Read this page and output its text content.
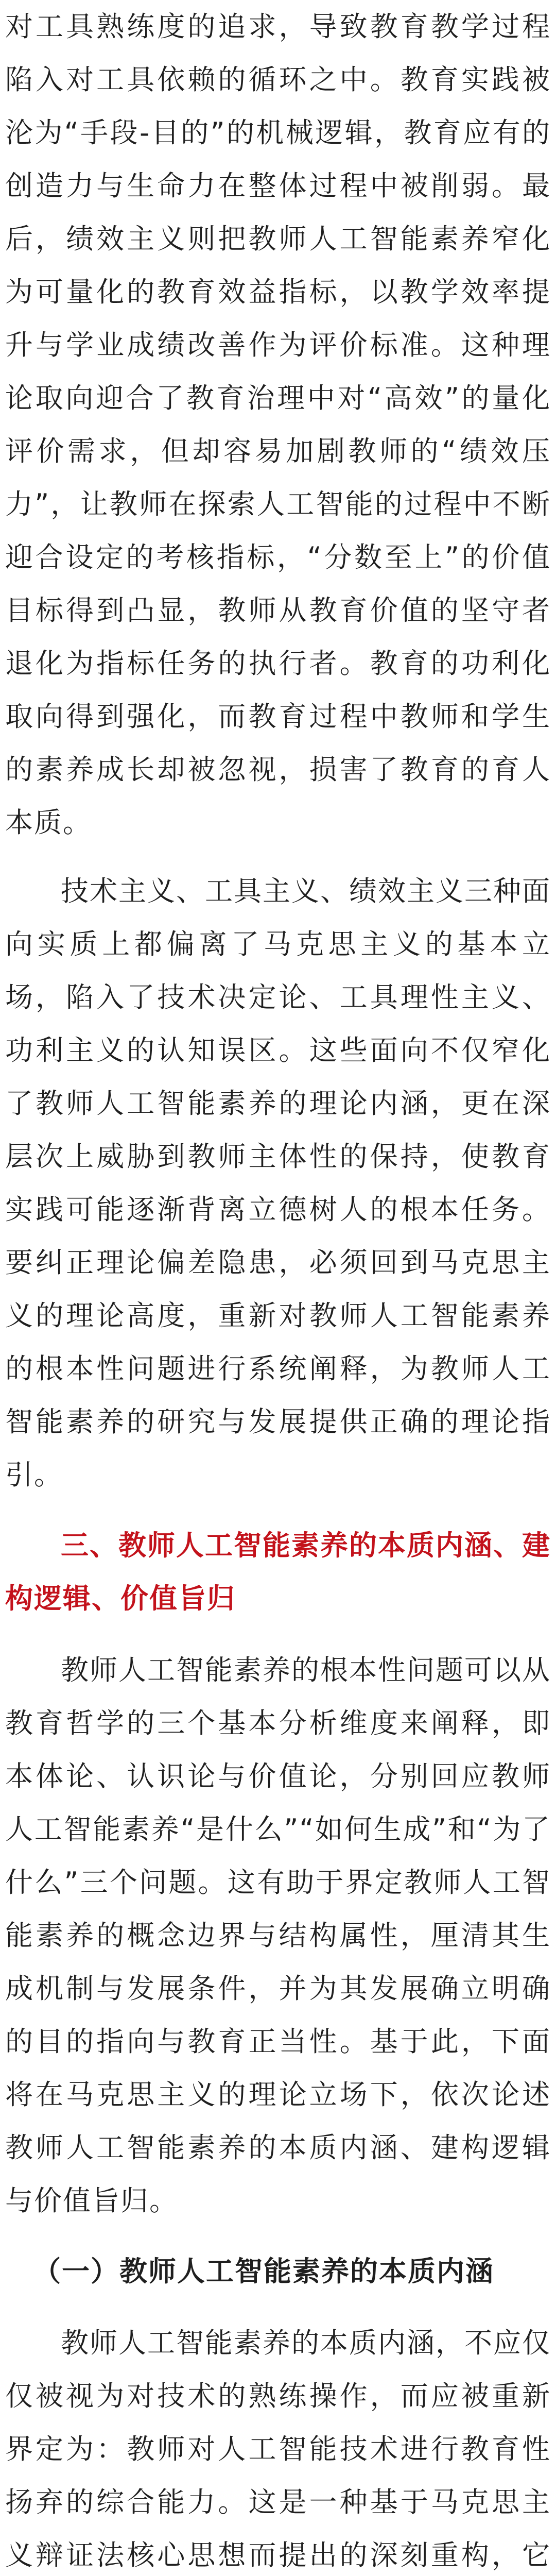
对工具熟练度的追求，导致教育教学过程陷入对工具依赖的循环之中。教育实践被沦为“手段-目的”的机械逻辑，教育应有的创造力与生命力在整体过程中被削弱。最后，绩效主义则把教师人工智能素养窄化为可量化的教育效益指标，以教学效率提升与学业成绩改善作为评价标准。这种理论取向迎合了教育治理中对“高效”的量化评价需求，但却容易加剧教师的“绩效压力”，让教师在探索人工智能的过程中不断迎合设定的考核指标，“分数至上”的价值目标得到凸显，教师从教育价值的坚守者退化为指标任务的执行者。教育的功利化取向得到强化，而教育过程中教师和学生的素养成长却被忽视，损害了教育的育人本质。

技术主义、工具主义、绩效主义三种面向实质上都偏离了马克思主义的基本立场，陷入了技术决定论、工具理性主义、功利主义的认知误区。这些面向不仅窄化了教师人工智能素养的理论内涵，更在深层次上威胁到教师主体性的保持，使教育实践可能逐渐背离立德树人的根本任务。要纠正理论偏差隐患，必须回到马克思主义的理论高度，重新对教师人工智能素养的根本性问题进行系统阐释，为教师人工智能素养的研究与发展提供正确的理论指引。

三、教师人工智能素养的本质内涵、建构逻辑、价值旨归

教师人工智能素养的根本性问题可以从教育哲学的三个基本分析维度来阐释，即本体论、认识论与价值论，分别回应教师人工智能素养“是什么”“如何生成”和“为了什么”三个问题。这有助于界定教师人工智能素养的概念边界与结构属性，厘清其生成机制与发展条件，并为其发展确立明确的目的指向与教育正当性。基于此，下面将在马克思主义的理论立场下，依次论述教师人工智能素养的本质内涵、建构逻辑与价值旨归。

（一）教师人工智能素养的本质内涵

教师人工智能素养的本质内涵，不应仅仅被视为对技术的熟练操作，而应被重新界定为：教师对人工智能技术进行教育性扬弃的综合能力。这是一种基于马克思主义辩证法核心思想而提出的深刻重构，它
